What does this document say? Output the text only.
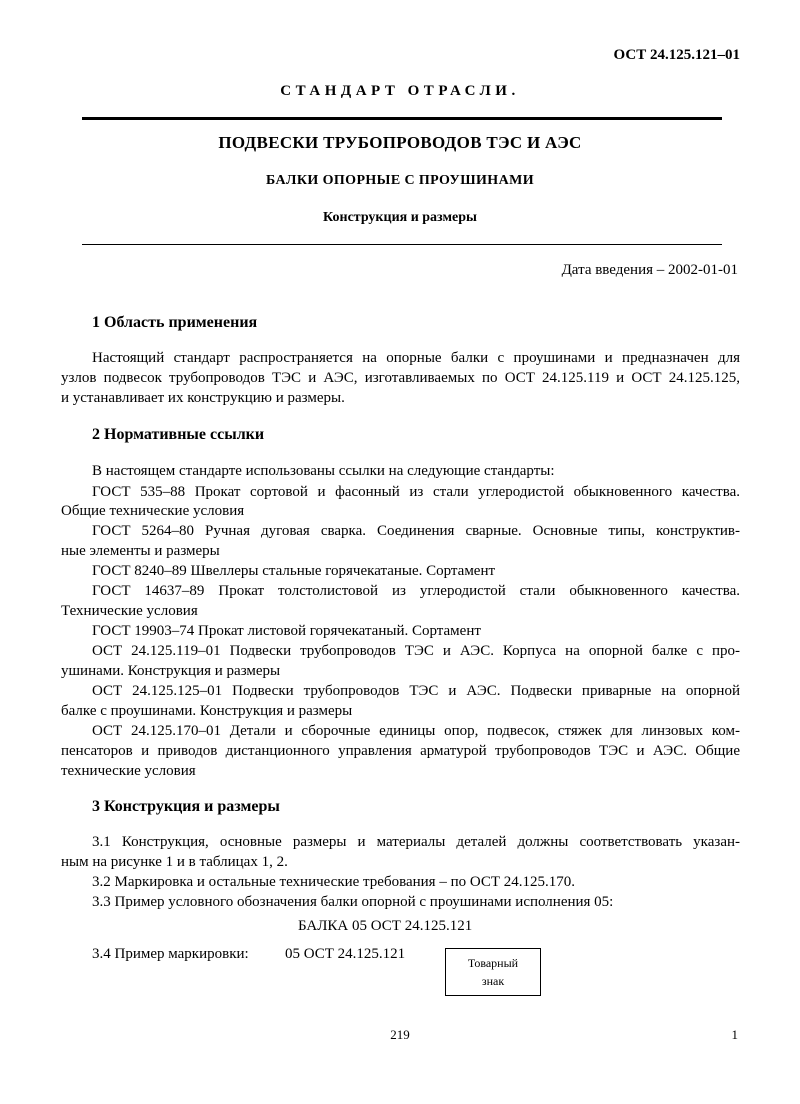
ОСТ 24.125.121–01
СТАНДАРТ ОТРАСЛИ.
ПОДВЕСКИ ТРУБОПРОВОДОВ ТЭС И АЭС
БАЛКИ ОПОРНЫЕ С ПРОУШИНАМИ
Конструкция и размеры
Дата введения – 2002-01-01
1 Область применения
Настоящий стандарт распространяется на опорные балки с проушинами и предназначен для
узлов подвесок трубопроводов ТЭС и АЭС, изготавливаемых по ОСТ 24.125.119 и ОСТ 24.125.125,
и устанавливает их конструкцию и размеры.
2 Нормативные ссылки
В настоящем стандарте использованы ссылки на следующие стандарты:
ГОСТ 535–88 Прокат сортовой и фасонный из стали углеродистой обыкновенного качества.
Общие технические условия
ГОСТ 5264–80 Ручная дуговая сварка. Соединения сварные. Основные типы, конструктив-
ные элементы и размеры
ГОСТ 8240–89 Швеллеры стальные горячекатаные. Сортамент
ГОСТ 14637–89 Прокат толстолистовой из углеродистой стали обыкновенного качества.
Технические условия
ГОСТ 19903–74 Прокат листовой горячекатаный. Сортамент
ОСТ 24.125.119–01 Подвески трубопроводов ТЭС и АЭС. Корпуса на опорной балке с про-
ушинами. Конструкция и размеры
ОСТ 24.125.125–01 Подвески трубопроводов ТЭС и АЭС. Подвески приварные на опорной
балке с проушинами. Конструкция и размеры
ОСТ 24.125.170–01 Детали и сборочные единицы опор, подвесок, стяжек для линзовых ком-
пенсаторов и приводов дистанционного управления арматурой трубопроводов ТЭС и АЭС. Общие
технические условия
3 Конструкция и размеры
3.1 Конструкция, основные размеры и материалы деталей должны соответствовать указан-
ным на рисунке 1 и в таблицах 1, 2.
3.2 Маркировка и остальные технические требования – по ОСТ 24.125.170.
3.3 Пример условного обозначения балки опорной с проушинами исполнения 05:
БАЛКА 05 ОСТ 24.125.121
3.4 Пример маркировки: 05 ОСТ 24.125.121
Товарный
знак
219	1
